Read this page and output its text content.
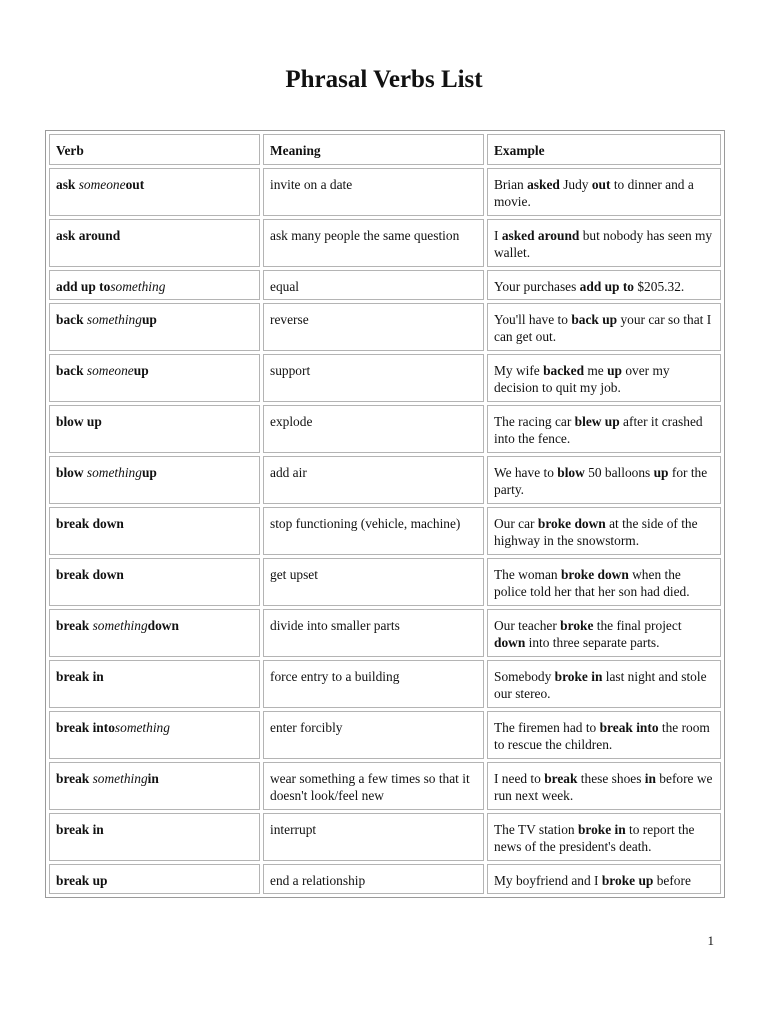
Phrasal Verbs List
Verb	Meaning	Example
ask someoneout	invite on a date	Brian asked Judy out to dinner and a movie.
ask around	ask many people the same question	I asked around but nobody has seen my wallet.
add up tosomething	equal	Your purchases add up to $205.32.
back somethingup	reverse	You'll have to back up your car so that I can get out.
back someoneup	support	My wife backed me up over my decision to quit my job.
blow up	explode	The racing car blew up after it crashed into the fence.
blow somethingup	add air	We have to blow 50 balloons up for the party.
break down	stop functioning (vehicle, machine)	Our car broke down at the side of the highway in the snowstorm.
break down	get upset	The woman broke down when the police told her that her son had died.
break somethingdown	divide into smaller parts	Our teacher broke the final project down into three separate parts.
break in	force entry to a building	Somebody broke in last night and stole our stereo.
break intosomething	enter forcibly	The firemen had to break into the room to rescue the children.
break somethingin	wear something a few times so that it doesn't look/feel new	I need to break these shoes in before we run next week.
break in	interrupt	The TV station broke in to report the news of the president's death.
break up	end a relationship	My boyfriend and I broke up before
1
